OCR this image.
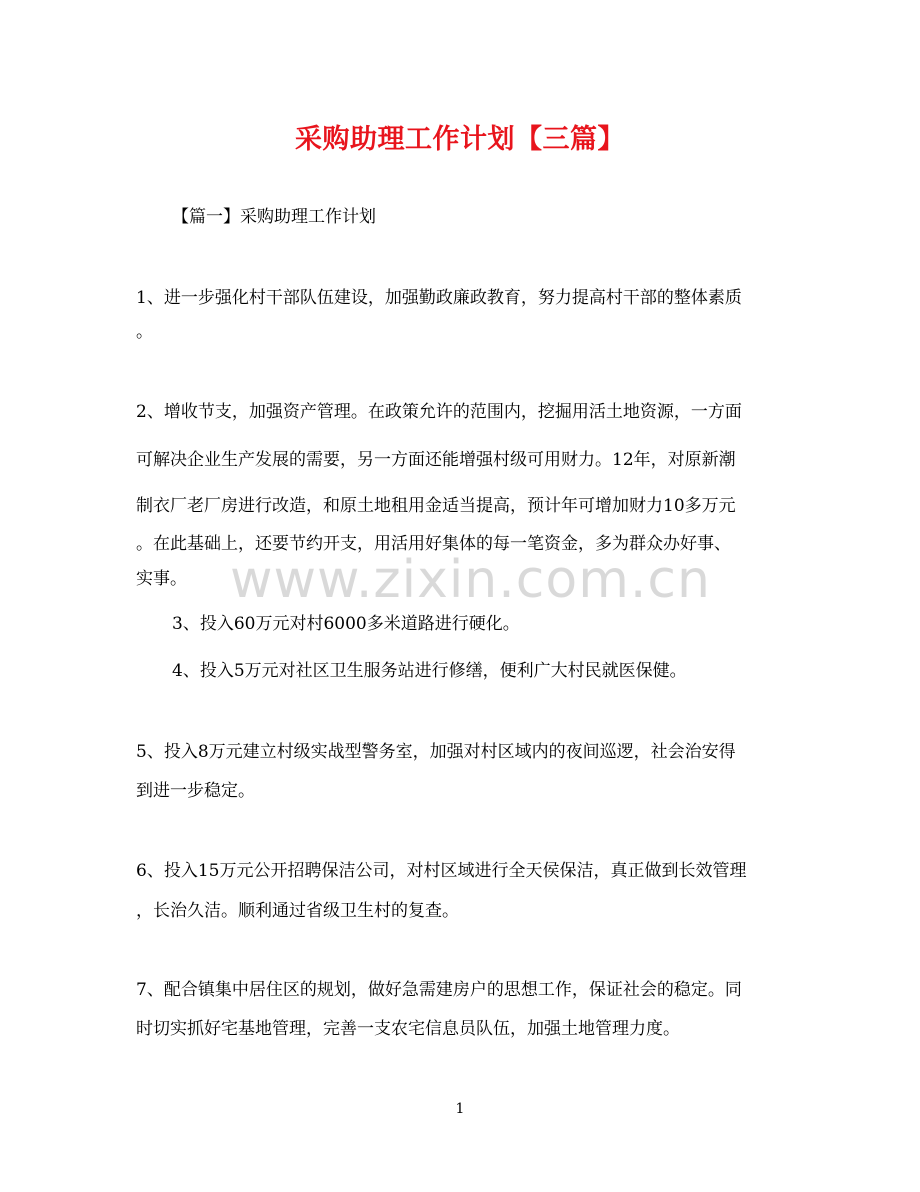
采购助理工作计划【三篇】
【篇一】采购助理工作计划
1、进一步强化村干部队伍建设，加强勤政廉政教育，努力提高村干部的整体素质
。
2、增收节支，加强资产管理。在政策允许的范围内，挖掘用活土地资源，一方面
可解决企业生产发展的需要，另一方面还能增强村级可用财力。12年，对原新潮
制衣厂老厂房进行改造，和原土地租用金适当提高，预计年可增加财力10多万元
。在此基础上，还要节约开支，用活用好集体的每一笔资金，多为群众办好事、
实事。
3、投入60万元对村6000多米道路进行硬化。
4、投入5万元对社区卫生服务站进行修缮，便利广大村民就医保健。
5、投入8万元建立村级实战型警务室，加强对村区域内的夜间巡逻，社会治安得
到进一步稳定。
6、投入15万元公开招聘保洁公司，对村区域进行全天侯保洁，真正做到长效管理
，长治久洁。顺利通过省级卫生村的复查。
7、配合镇集中居住区的规划，做好急需建房户的思想工作，保证社会的稳定。同
时切实抓好宅基地管理，完善一支农宅信息员队伍，加强土地管理力度。
www.zixin.com.cn
1
